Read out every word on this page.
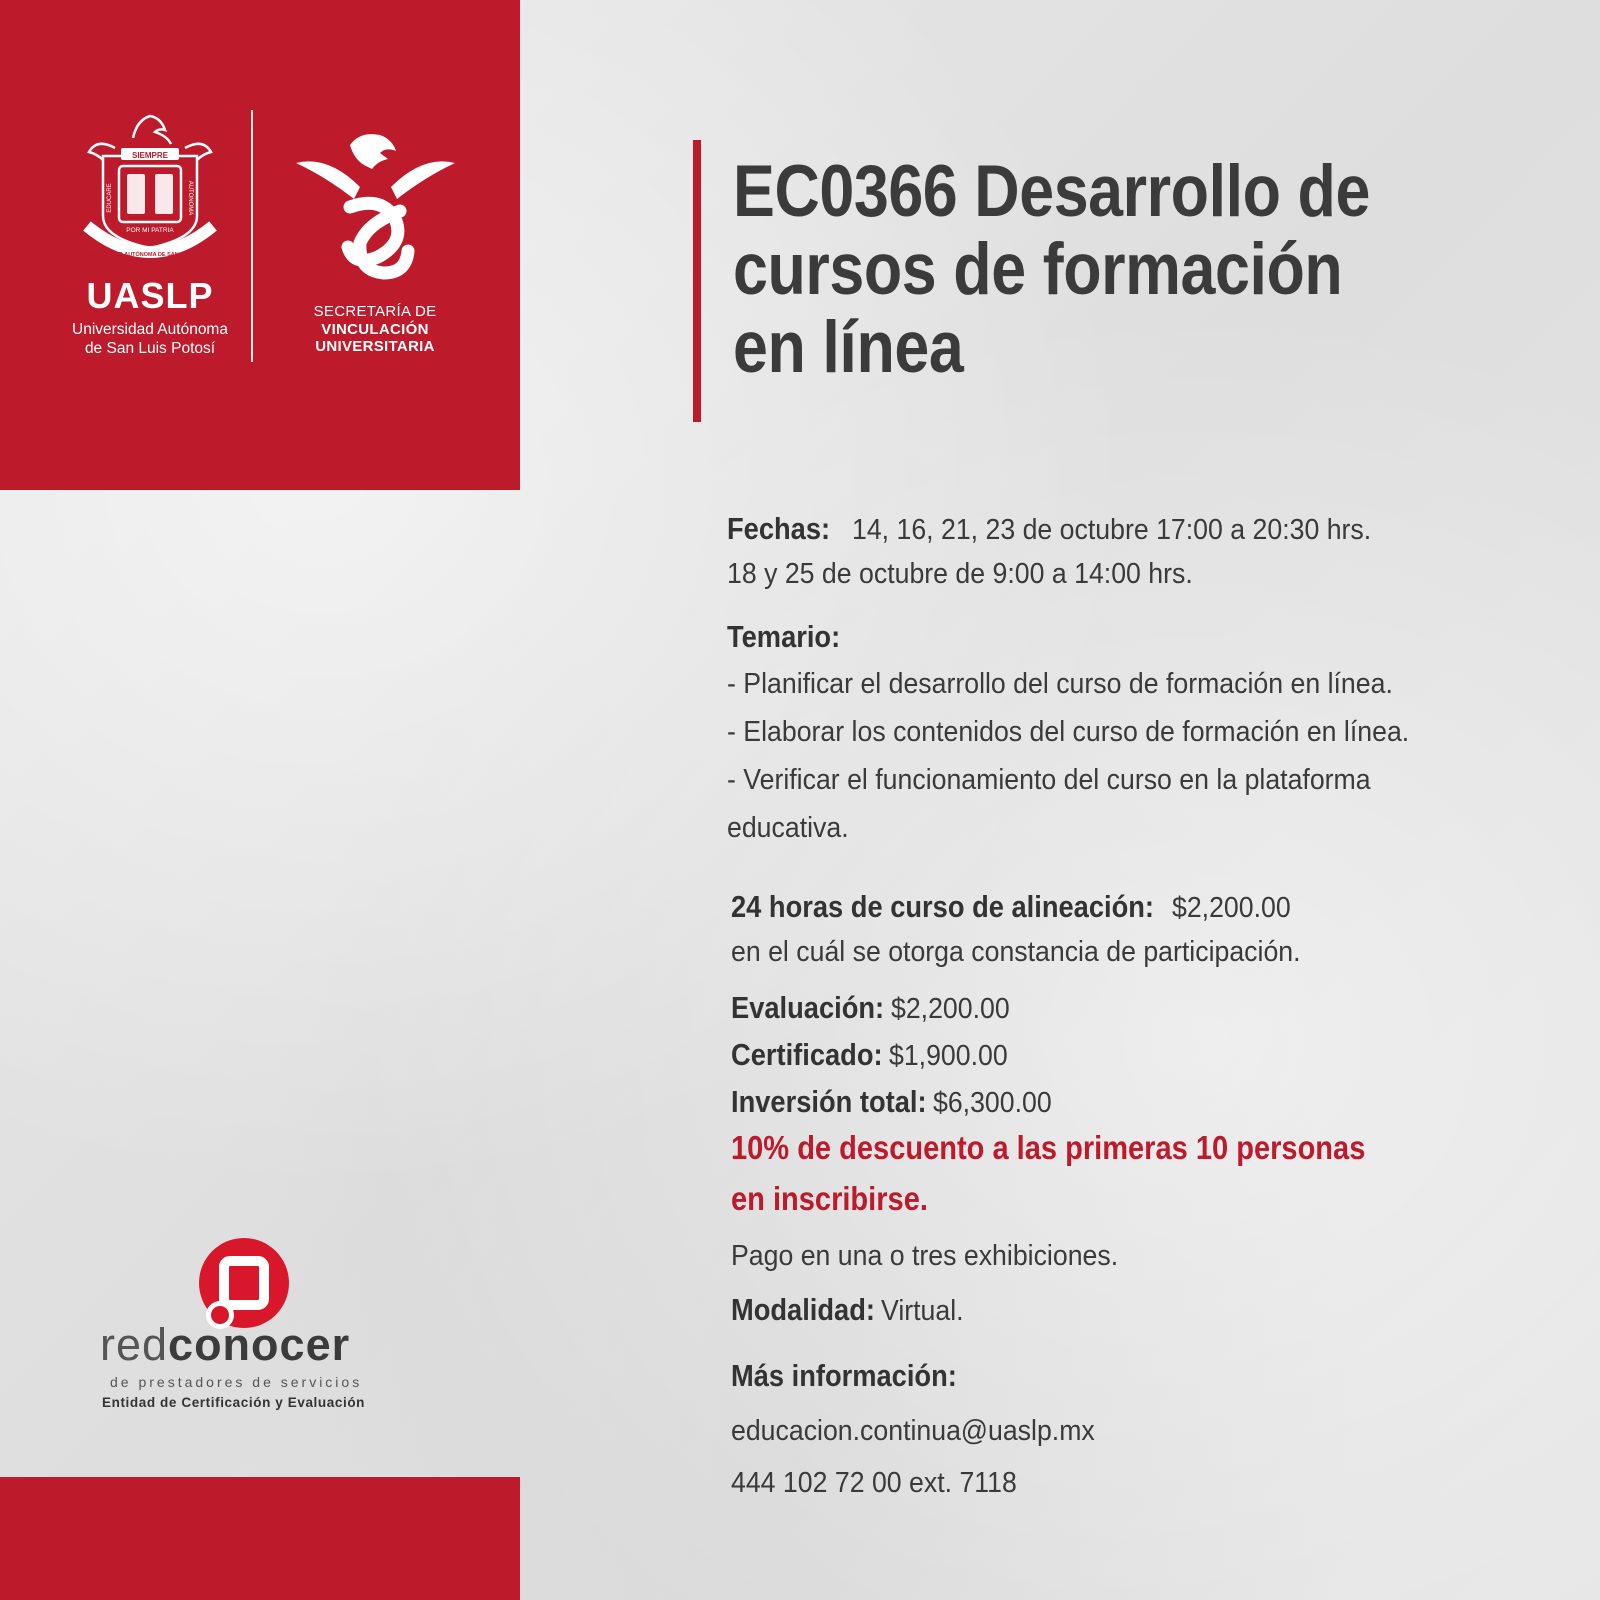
SIEMPRE
EDUCARE	AUTONOMA
POR MI PATRIA
UNIVERSIDAD AUTÓNOMA DE SAN LUIS POTOSÍ
UASLP
Universidad Autónoma
de San Luis Potosí
SECRETARÍA DE
VINCULACIÓN
UNIVERSITARIA
EC0366 Desarrollo de
cursos de formación
en línea
Fechas: 14, 16, 21, 23 de octubre 17:00 a 20:30 hrs.
18 y 25 de octubre de 9:00 a 14:00 hrs.
Temario:
- Planificar el desarrollo del curso de formación en línea.
- Elaborar los contenidos del curso de formación en línea.
- Verificar el funcionamiento del curso en la plataforma
educativa.
24 horas de curso de alineación: $2,200.00
en el cuál se otorga constancia de participación.
Evaluación: $2,200.00
Certificado: $1,900.00
Inversión total: $6,300.00
10% de descuento a las primeras 10 personas
en inscribirse.
Pago en una o tres exhibiciones.
Modalidad: Virtual.
Más información:
educacion.continua@uaslp.mx
444 102 72 00 ext. 7118
redconocer
de prestadores de servicios
Entidad de Certificación y Evaluación
